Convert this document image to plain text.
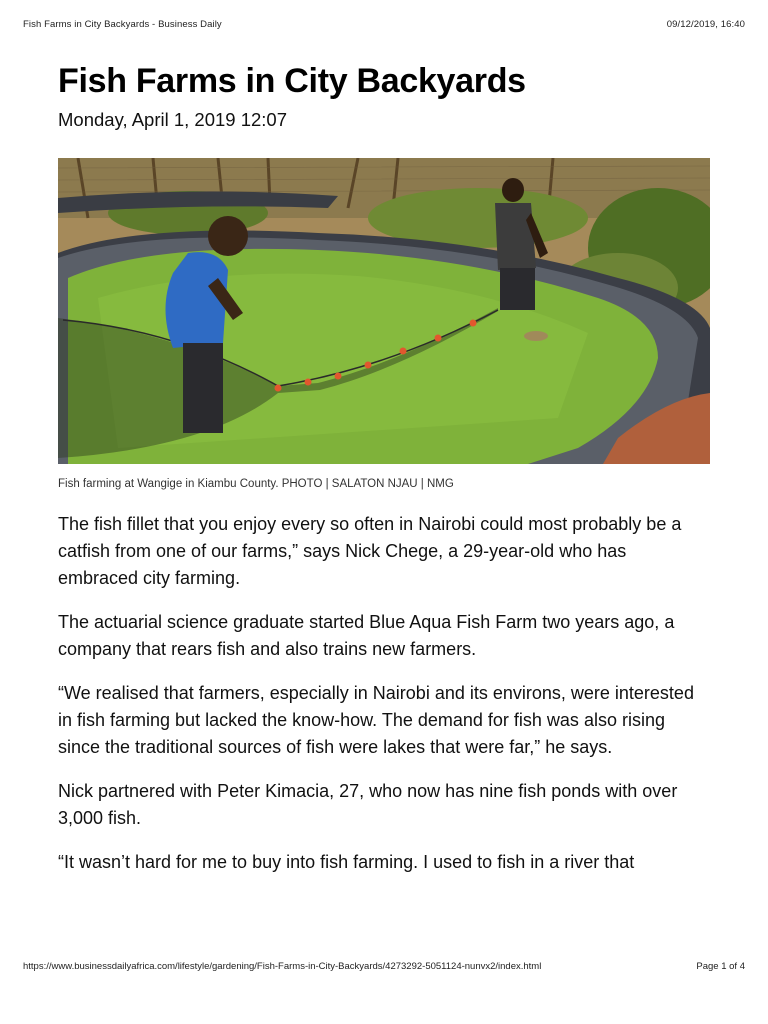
Fish Farms in City Backyards - Business Daily	09/12/2019, 16:40
Fish Farms in City Backyards
Monday, April 1, 2019 12:07
Fish farming at Wangige in Kiambu County. PHOTO | SALATON NJAU | NMG

The fish fillet that you enjoy every so often in Nairobi could most probably be a catfish from one of our farms,” says Nick Chege, a 29-year-old who has embraced city farming.

The actuarial science graduate started Blue Aqua Fish Farm two years ago, a company that rears fish and also trains new farmers.

“We realised that farmers, especially in Nairobi and its environs, were interested in fish farming but lacked the know-how. The demand for fish was also rising since the traditional sources of fish were lakes that were far,” he says.

Nick partnered with Peter Kimacia, 27, who now has nine fish ponds with over 3,000 fish.

“It wasn’t hard for me to buy into fish farming. I used to fish in a river that

https://www.businessdailyafrica.com/lifestyle/gardening/Fish-Farms-in-City-Backyards/4273292-5051124-nunvx2/index.html	Page 1 of 4
